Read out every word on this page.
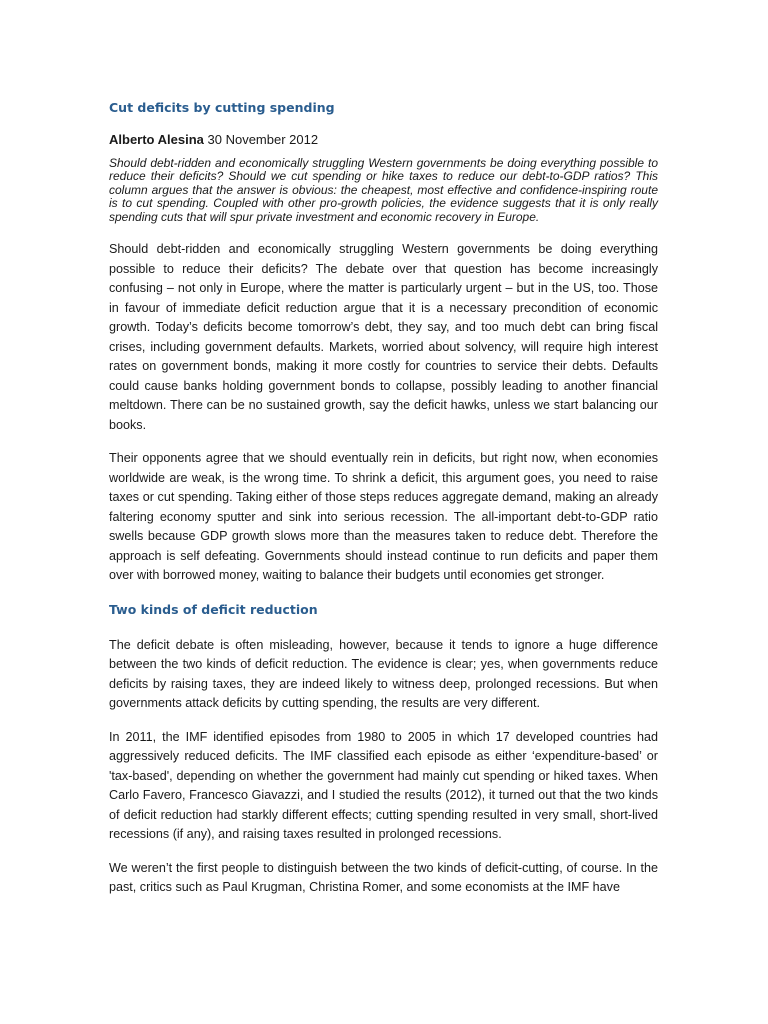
Cut deficits by cutting spending

Alberto Alesina 30 November 2012

Should debt-ridden and economically struggling Western governments be doing everything possible to reduce their deficits? Should we cut spending or hike taxes to reduce our debt-to-GDP ratios? This column argues that the answer is obvious: the cheapest, most effective and confidence-inspiring route is to cut spending. Coupled with other pro-growth policies, the evidence suggests that it is only really spending cuts that will spur private investment and economic recovery in Europe.

Should debt-ridden and economically struggling Western governments be doing everything possible to reduce their deficits? The debate over that question has become increasingly confusing – not only in Europe, where the matter is particularly urgent – but in the US, too. Those in favour of immediate deficit reduction argue that it is a necessary precondition of economic growth. Today’s deficits become tomorrow’s debt, they say, and too much debt can bring fiscal crises, including government defaults. Markets, worried about solvency, will require high interest rates on government bonds, making it more costly for countries to service their debts. Defaults could cause banks holding government bonds to collapse, possibly leading to another financial meltdown. There can be no sustained growth, say the deficit hawks, unless we start balancing our books.

Their opponents agree that we should eventually rein in deficits, but right now, when economies worldwide are weak, is the wrong time. To shrink a deficit, this argument goes, you need to raise taxes or cut spending. Taking either of those steps reduces aggregate demand, making an already faltering economy sputter and sink into serious recession. The all-important debt-to-GDP ratio swells because GDP growth slows more than the measures taken to reduce debt. Therefore the approach is self defeating. Governments should instead continue to run deficits and paper them over with borrowed money, waiting to balance their budgets until economies get stronger.

Two kinds of deficit reduction

The deficit debate is often misleading, however, because it tends to ignore a huge difference between the two kinds of deficit reduction. The evidence is clear; yes, when governments reduce deficits by raising taxes, they are indeed likely to witness deep, prolonged recessions. But when governments attack deficits by cutting spending, the results are very different.

In 2011, the IMF identified episodes from 1980 to 2005 in which 17 developed countries had aggressively reduced deficits. The IMF classified each episode as either ‘expenditure-based’ or 'tax-based', depending on whether the government had mainly cut spending or hiked taxes. When Carlo Favero, Francesco Giavazzi, and I studied the results (2012), it turned out that the two kinds of deficit reduction had starkly different effects; cutting spending resulted in very small, short-lived recessions (if any), and raising taxes resulted in prolonged recessions.

We weren’t the first people to distinguish between the two kinds of deficit-cutting, of course. In the past, critics such as Paul Krugman, Christina Romer, and some economists at the IMF have
